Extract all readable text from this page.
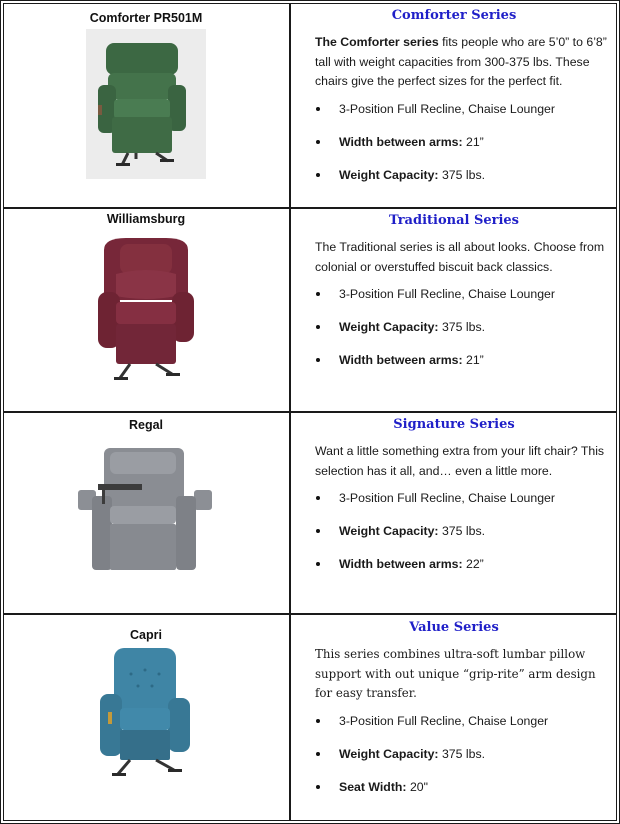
Comforter PR501M	Comforter Series
The Comforter series fits people who are 5’0” to 6’8” tall with weight capacities from 300-375 lbs. These chairs give the perfect sizes for the perfect fit.
3-Position Full Recline, Chaise Lounger
Width between arms: 21”
Weight Capacity: 375 lbs.

Williamsburg	Traditional Series
The Traditional series is all about looks. Choose from colonial or overstuffed biscuit back classics.
3-Position Full Recline, Chaise Lounger
Weight Capacity: 375 lbs.
Width between arms: 21”

Regal	Signature Series
Want a little something extra from your lift chair? This selection has it all, and… even a little more.
3-Position Full Recline, Chaise Lounger
Weight Capacity: 375 lbs.
Width between arms: 22”

Capri	Value Series
This series combines ultra-soft lumbar pillow support with out unique “grip-rite” arm design for easy transfer.
3-Position Full Recline, Chaise Longer
Weight Capacity: 375 lbs.
Seat Width: 20"
